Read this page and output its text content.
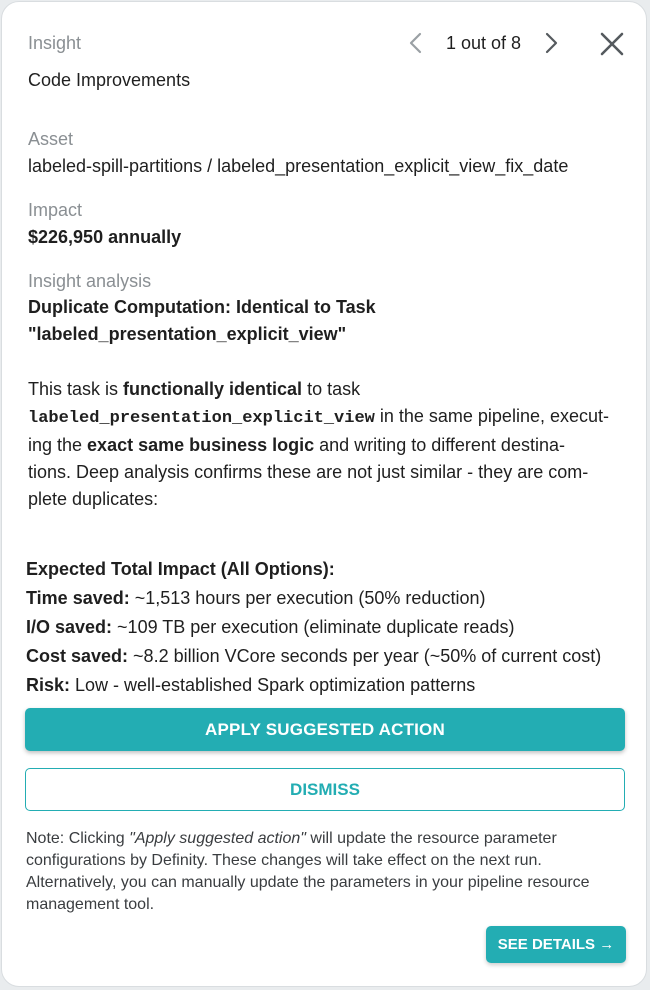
Insight	1 out of 8
Code Improvements
Asset
labeled-spill-partitions / labeled_presentation_explicit_view_fix_date
Impact
$226,950 annually
Insight analysis
Duplicate Computation: Identical to Task
"labeled_presentation_explicit_view"
This task is functionally identical to task
labeled_presentation_explicit_view in the same pipeline, execut-
ing the exact same business logic and writing to different destina-
tions. Deep analysis confirms these are not just similar - they are com-
plete duplicates:
Expected Total Impact (All Options):
Time saved: ~1,513 hours per execution (50% reduction)
I/O saved: ~109 TB per execution (eliminate duplicate reads)
Cost saved: ~8.2 billion VCore seconds per year (~50% of current cost)
Risk: Low - well-established Spark optimization patterns
APPLY SUGGESTED ACTION
DISMISS
Note: Clicking "Apply suggested action" will update the resource parameter configurations by Definity. These changes will take effect on the next run. Alternatively, you can manually update the parameters in your pipeline resource management tool.
SEE DETAILS →
